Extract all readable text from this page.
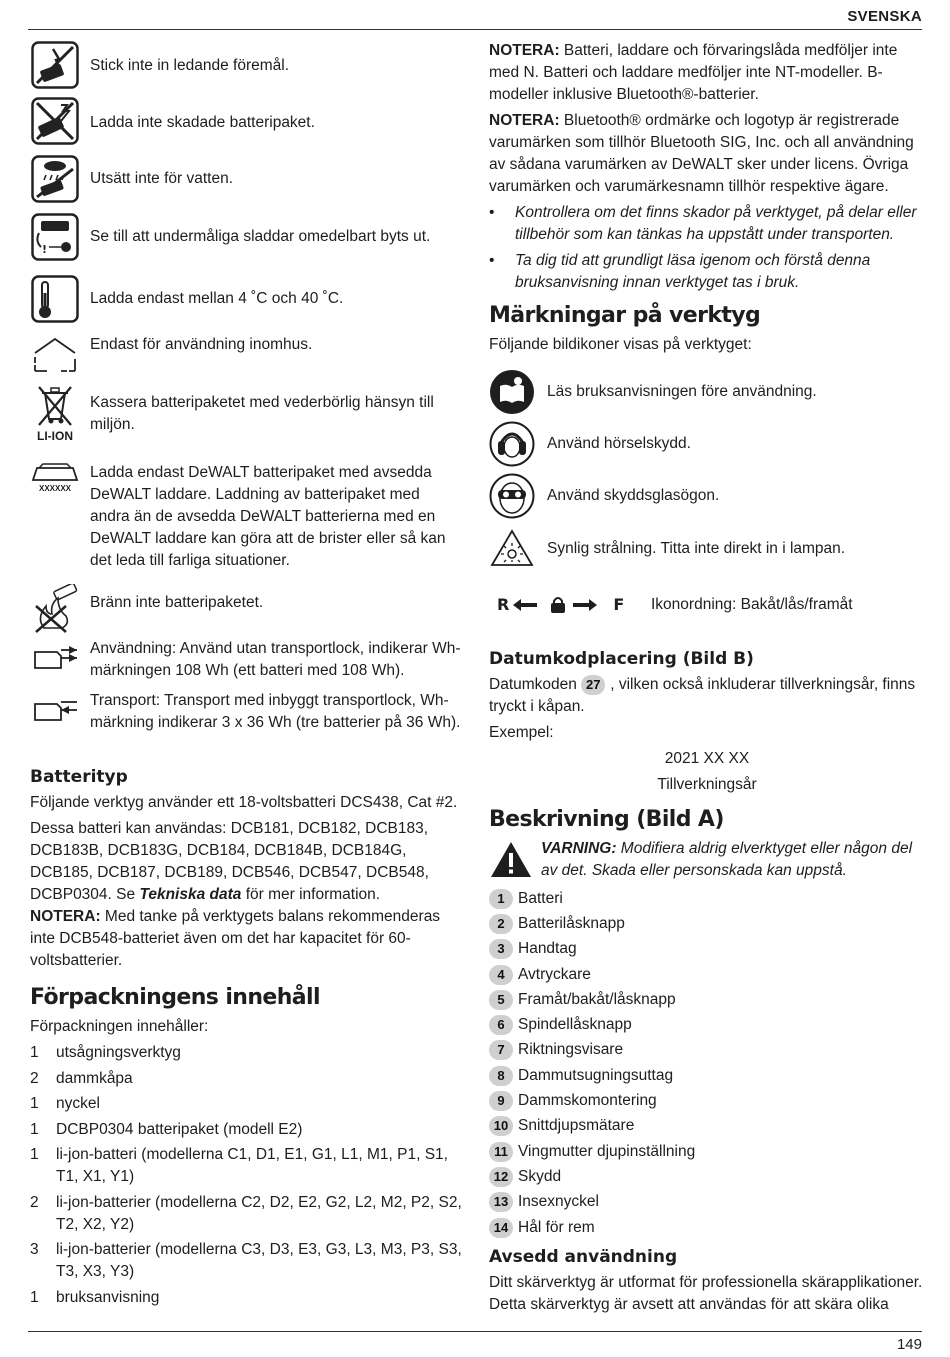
SVENSKA
Stick inte in ledande föremål.
Ladda inte skadade batteripaket.
Utsätt inte för vatten.
!
Se till att undermåliga sladdar omedelbart byts ut.
Ladda endast mellan 4 ˚C och 40 ˚C.
Endast för användning inomhus.
LI-ION
Kassera batteripaketet med vederbörlig hänsyn till miljön.
XXXXXX
Ladda endast DeWALT batteripaket med avsedda DeWALT laddare. Laddning av batteripaket med andra än de avsedda DeWALT batterierna med en DeWALT laddare kan göra att de brister eller så kan det leda till farliga situationer.
Bränn inte batteripaketet.
Användning: Använd utan transportlock, indikerar Wh-märkningen 108 Wh (ett batteri med 108 Wh).
Transport: Transport med inbyggt transportlock, Wh-märkning indikerar 3 x 36 Wh (tre batterier på 36 Wh).
Batterityp

Följande verktyg använder ett 18-voltsbatteri DCS438, Cat #2.

Dessa batteri kan användas: DCB181, DCB182, DCB183, DCB183B, DCB183G, DCB184, DCB184B, DCB184G, DCB185, DCB187, DCB189, DCB546, DCB547, DCB548, DCBP0304. Se Tekniska data för mer information.
NOTERA: Med tanke på verktygets balans rekommenderas inte DCB548-batteriet även om det har kapacitet för 60-voltsbatterier.

Förpackningens innehåll

Förpackningen innehåller:

1	utsågningsverktyg
2	dammkåpa
1	nyckel
1	DCBP0304 batteripaket (modell E2)
1	li-jon-batteri (modellerna C1, D1, E1, G1, L1, M1, P1, S1, T1, X1, Y1)
2	li-jon-batterier (modellerna C2, D2, E2, G2, L2, M2, P2, S2, T2, X2, Y2)
3	li-jon-batterier (modellerna C3, D3, E3, G3, L3, M3, P3, S3, T3, X3, Y3)
1	bruksanvisning

NOTERA: Batteri, laddare och förvaringslåda medföljer inte med N. Batteri och laddare medföljer inte NT-modeller. B-modeller inklusive Bluetooth®-batterier.

NOTERA: Bluetooth® ordmärke och logotyp är registrerade varumärken som tillhör Bluetooth SIG, Inc. och all användning av sådana varumärken av DeWALT sker under licens. Övriga varumärken och varumärkesnamn tillhör respektive ägare.

•	Kontrollera om det finns skador på verktyget, på delar eller tillbehör som kan tänkas ha uppstått under transporten.
•	Ta dig tid att grundligt läsa igenom och förstå denna bruksanvisning innan verktyget tas i bruk.
Märkningar på verktyg

Följande bildikoner visas på verktyget:

Läs bruksanvisningen före användning.
Använd hörselskydd.
Använd skyddsglasögon.
Synlig strålning. Titta inte direkt in i lampan.
R	F Ikonordning: Bakåt/lås/framåt
Datumkodplacering (Bild B)

Datumkoden 27 , vilken också inkluderar tillverkningsår, finns tryckt i kåpan.

Exempel:

2021 XX XX

Tillverkningsår

Beskrivning (Bild A)
VARNING: Modifiera aldrig elverktyget eller någon del av det. Skada eller personskada kan uppstå.
1 Batteri
2 Batterilåsknapp
3 Handtag
4 Avtryckare
5 Framåt/bakåt/låsknapp
6 Spindellåsknapp
7 Riktningsvisare
8 Dammutsugningsuttag
9 Dammskomontering
10 Snittdjupsmätare
11 Vingmutter djupinställning
12 Skydd
13 Insexnyckel
14 Hål för rem
Avsedd användning

Ditt skärverktyg är utformat för professionella skärapplikationer. Detta skärverktyg är avsett att användas för att skära olika

149
